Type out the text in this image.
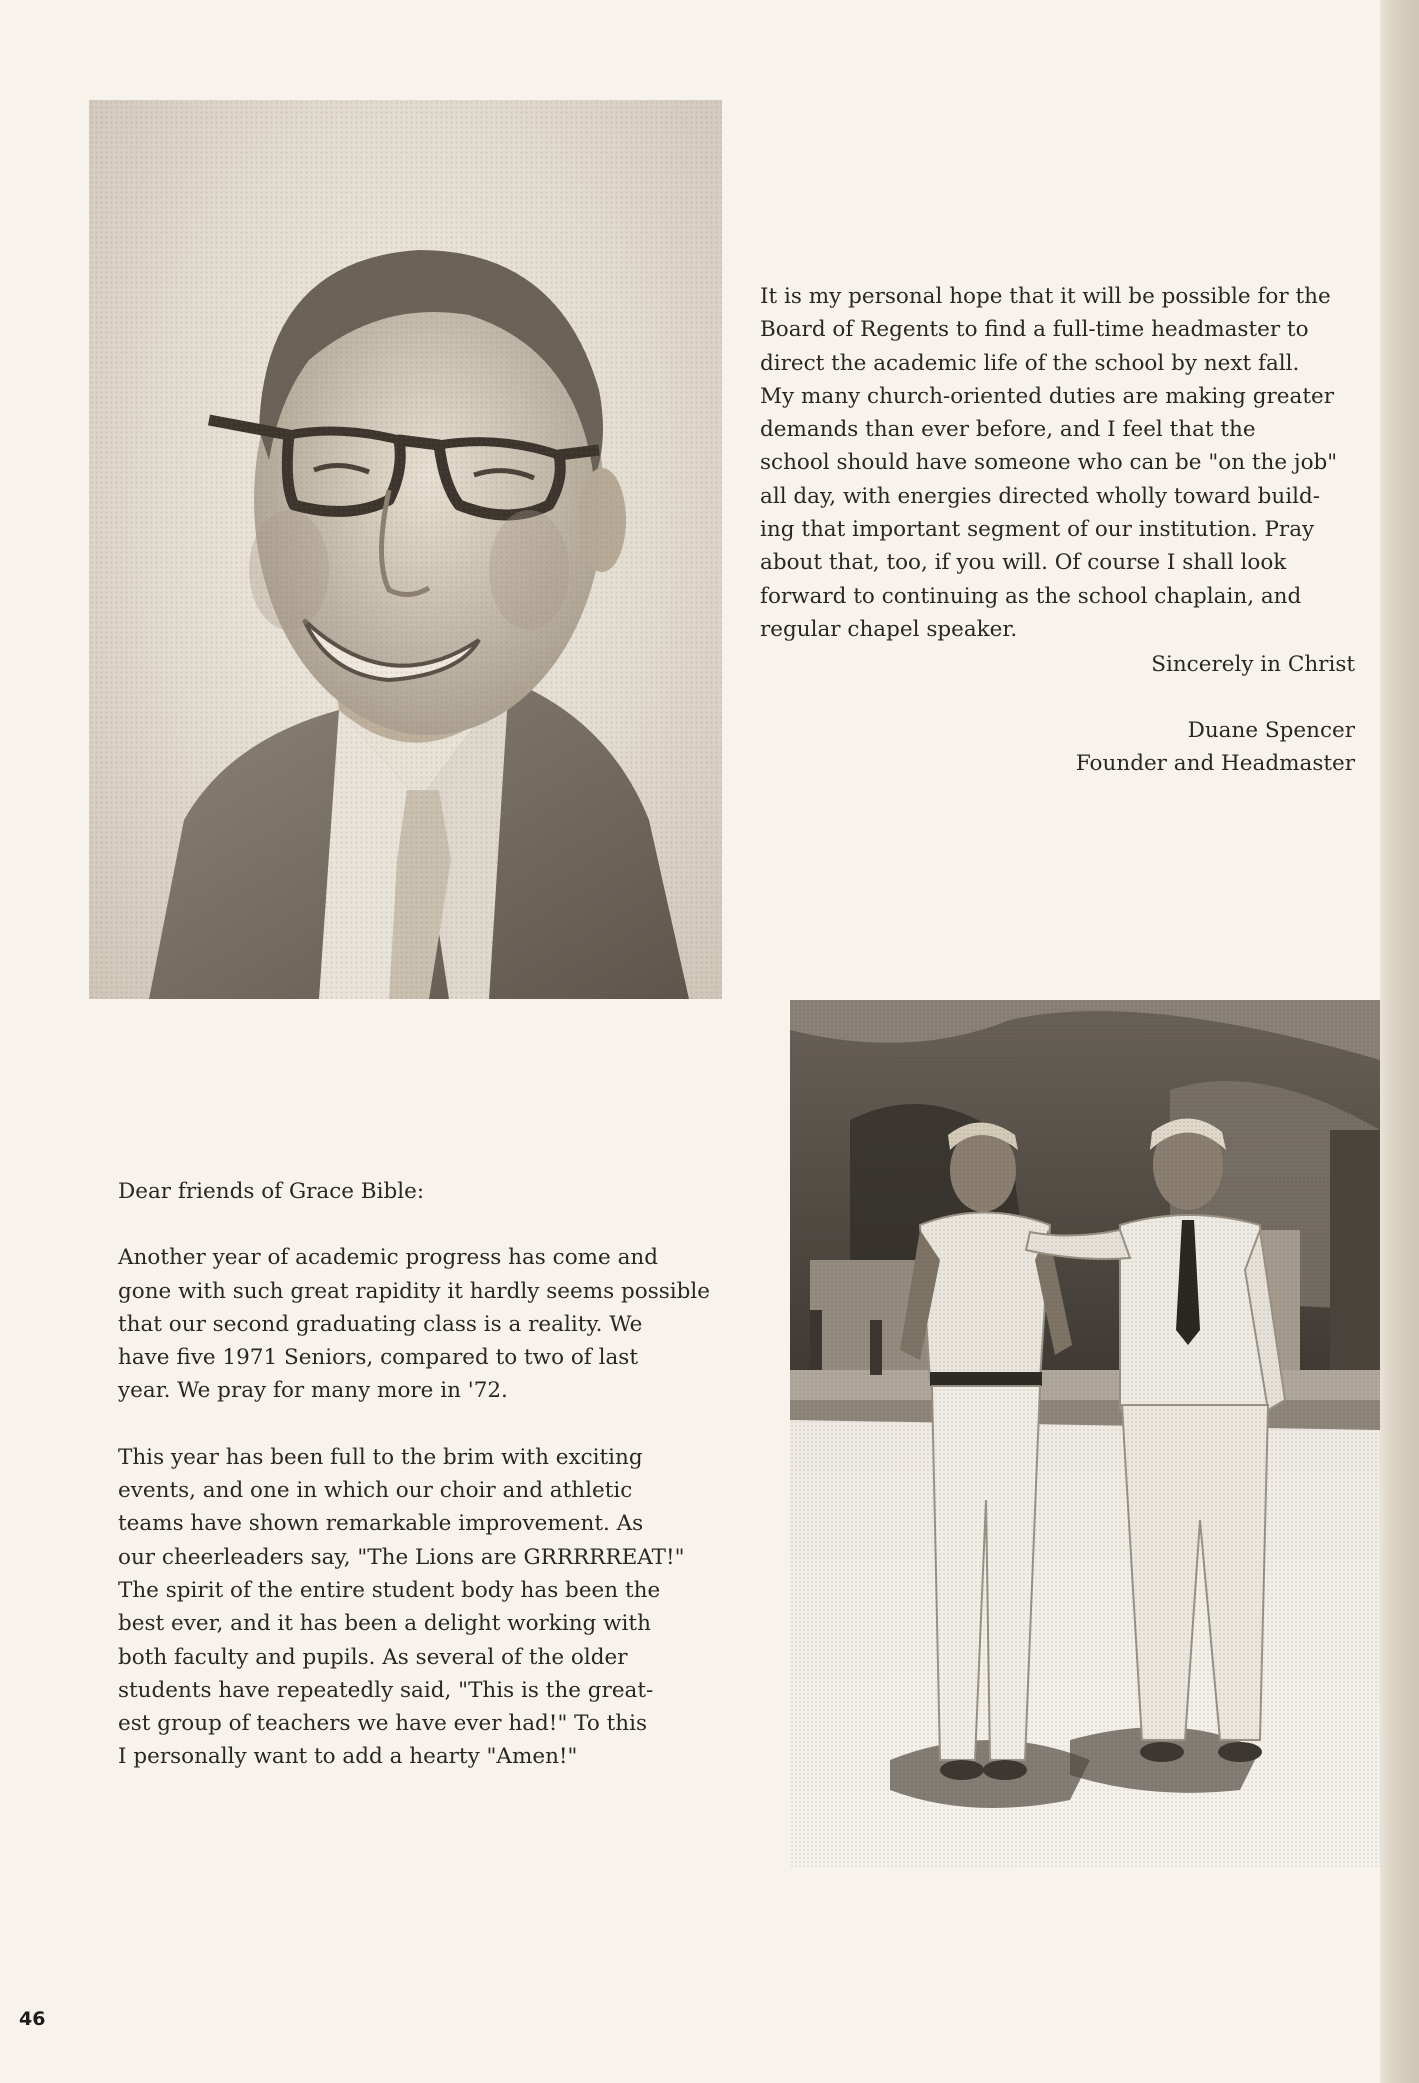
It is my personal hope that it will be possible for the
Board of Regents to find a full-time headmaster to
direct the academic life of the school by next fall.
My many church-oriented duties are making greater
demands than ever before, and I feel that the
school should have someone who can be "on the job"
all day, with energies directed wholly toward build-
ing that important segment of our institution. Pray
about that, too, if you will. Of course I shall look
forward to continuing as the school chaplain, and
regular chapel speaker.
Sincerely in Christ
Duane Spencer
Founder and Headmaster

Dear friends of Grace Bible:

Another year of academic progress has come and
gone with such great rapidity it hardly seems possible
that our second graduating class is a reality. We
have five 1971 Seniors, compared to two of last
year. We pray for many more in '72.
This year has been full to the brim with exciting
events, and one in which our choir and athletic
teams have shown remarkable improvement. As
our cheerleaders say, "The Lions are GRRRRREAT!"
The spirit of the entire student body has been the
best ever, and it has been a delight working with
both faculty and pupils. As several of the older
students have repeatedly said, "This is the great-
est group of teachers we have ever had!" To this
I personally want to add a hearty "Amen!"
46
